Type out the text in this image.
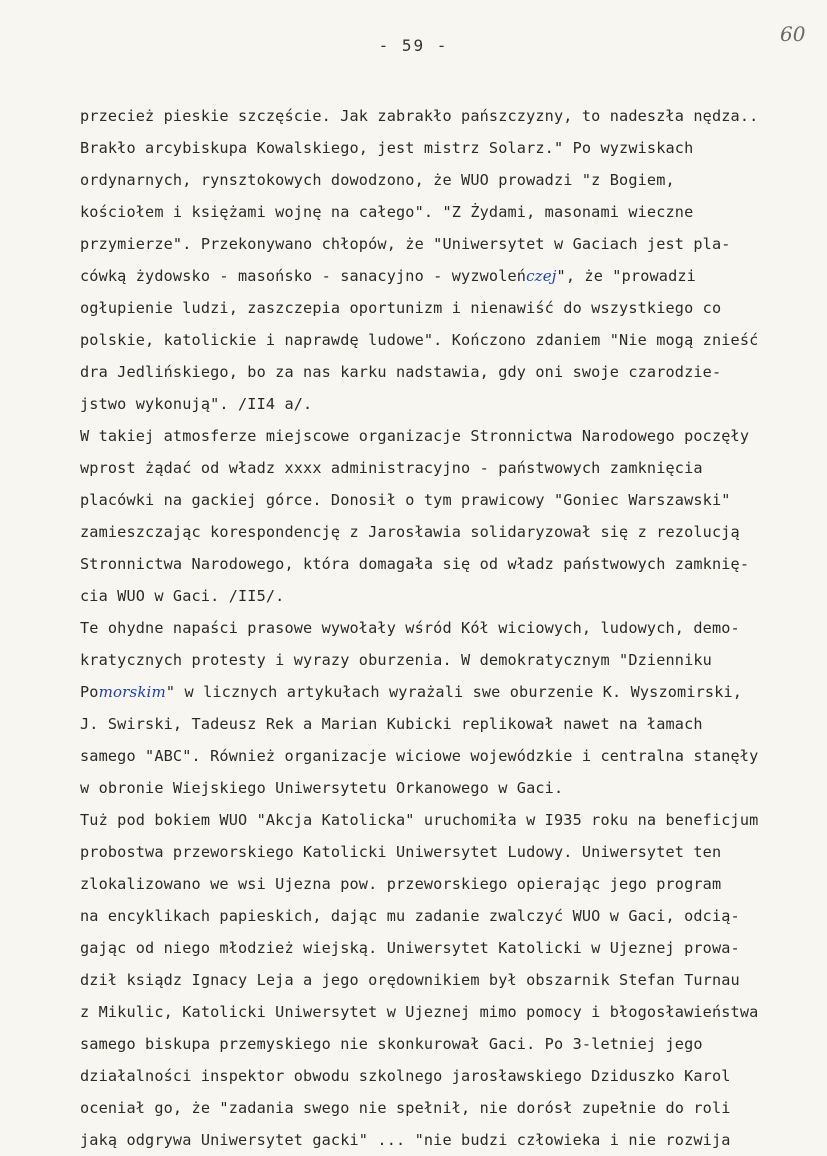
- 59 -	60
przecież pieskie szczęście. Jak zabrakło pańszczyzny, to nadeszła nędza..
Brakło arcybiskupa Kowalskiego, jest mistrz Solarz." Po wyzwiskach
ordynarnych, rynsztokowych dowodzono, że WUO prowadzi "z Bogiem,
kościołem i księżami wojnę na całego". "Z Żydami, masonami wieczne
przymierze". Przekonywano chłopów, że "Uniwersytet w Gaciach jest pla-
cówką żydowsko - masońsko - sanacyjno - wyzwoleńczej", że "prowadzi
ogłupienie ludzi, zaszczepia oportunizm i nienawiść do wszystkiego co
polskie, katolickie i naprawdę ludowe". Kończono zdaniem "Nie mogą znieść
dra Jedlińskiego, bo za nas karku nadstawia, gdy oni swoje czarodzie-
jstwo wykonują". /II4 a/.
W takiej atmosferze miejscowe organizacje Stronnictwa Narodowego poczęły
wprost żądać od władz xxxx administracyjno - państwowych zamknięcia
placówki na gackiej górce. Donosił o tym prawicowy "Goniec Warszawski"
zamieszczając korespondencję z Jarosławia solidaryzował się z rezolucją
Stronnictwa Narodowego, która domagała się od władz państwowych zamknię-
cia WUO w Gaci. /II5/.
Te ohydne napaści prasowe wywołały wśród Kół wiciowych, ludowych, demo-
kratycznych protesty i wyrazy oburzenia. W demokratycznym "Dzienniku
Pomorskim" w licznych artykułach wyrażali swe oburzenie K. Wyszomirski,
J. Swirski, Tadeusz Rek a Marian Kubicki replikował nawet na łamach
samego "ABC". Również organizacje wiciowe wojewódzkie i centralna stanęły
w obronie Wiejskiego Uniwersytetu Orkanowego w Gaci.
Tuż pod bokiem WUO "Akcja Katolicka" uruchomiła w I935 roku na beneficjum
probostwa przeworskiego Katolicki Uniwersytet Ludowy. Uniwersytet ten
zlokalizowano we wsi Ujezna pow. przeworskiego opierając jego program
na encyklikach papieskich, dając mu zadanie zwalczyć WUO w Gaci, odcią-
gając od niego młodzież wiejską. Uniwersytet Katolicki w Ujeznej prowa-
dził ksiądz Ignacy Leja a jego orędownikiem był obszarnik Stefan Turnau
z Mikulic, Katolicki Uniwersytet w Ujeznej mimo pomocy i błogosławieństwa
samego biskupa przemyskiego nie skonkurował Gaci. Po 3-letniej jego
działalności inspektor obwodu szkolnego jarosławskiego Dziduszko Karol
oceniał go, że "zadania swego nie spełnił, nie dorósł zupełnie do roli
jaką odgrywa Uniwersytet gacki" ... "nie budzi człowieka i nie rozwija
